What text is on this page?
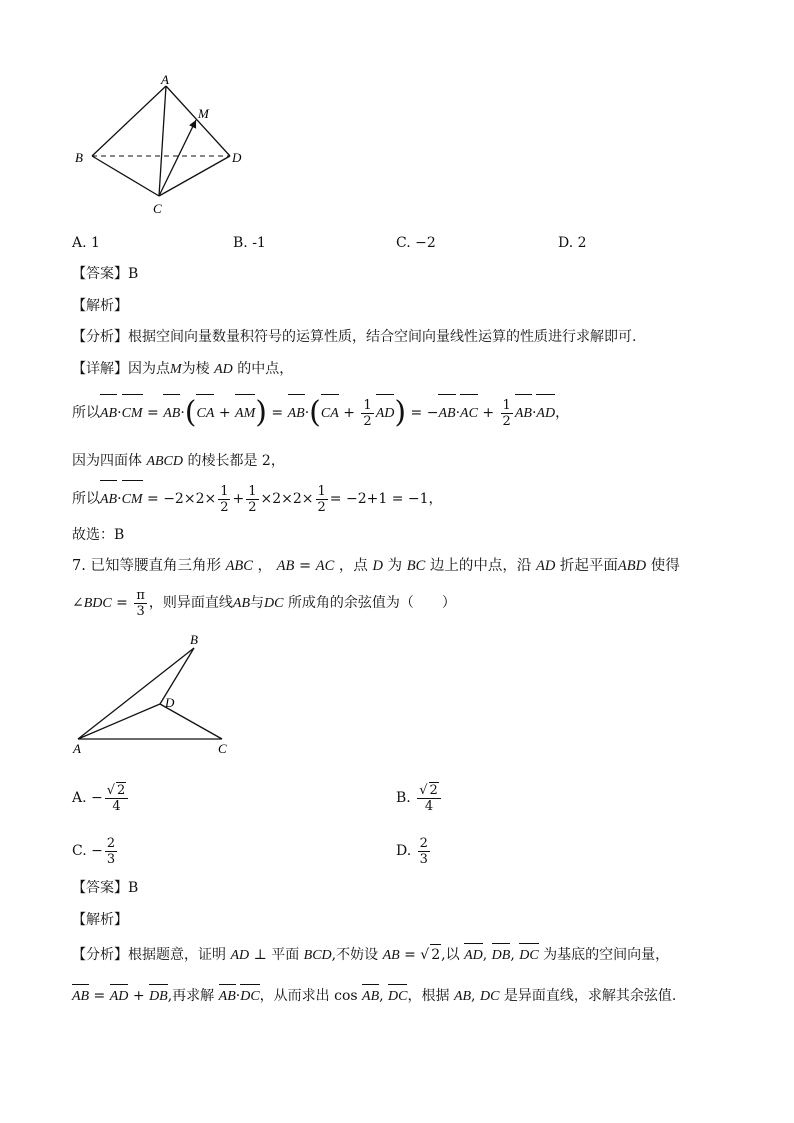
A
B
C
D
M
A. 1	B. -1	C. −2	D. 2
【答案】B
【解析】
【分析】根据空间向量数量积符号的运算性质，结合空间向量线性运算的性质进行求解即可.
【详解】因为点M为棱 AD 的中点，
所以$AB\cdot CM = AB\cdot(CA + AM) = AB\cdot(CA + \frac{1}{2} AD) = -AB\cdot AC + \frac{1}{2} AB\cdot AD$，
因为四面体 ABCD 的棱长都是 2，
所以$AB\cdot CM = -2\times 2\times \frac{1}{2} + \frac{1}{2} \times 2\times 2\times \frac{1}{2} = -2+1 = -1$，
故选：B
7. 已知等腰直角三角形 ABC ， AB = AC ，点 D 为 BC 边上的中点，沿 AD 折起平面ABD 使得
∠BDC = $\frac{\pi}{3}$ ，则异面直线AB与DC 所成角的余弦值为（　　）
B
D
A	C
A. − $\frac{√ 2}{4}$	B. $\frac{√ 2}{4}$
C. − $\frac{2}{3}$	D. $\frac{2}{3}$
【答案】B
【解析】
【分析】根据题意，证明 AD ⊥ 平面 BCD,不妨设 AB = √ 2,以 AD, DB, DC 为基底的空间向量，
AB = AD + DB,再求解 AB·DC，从而求出 cos AB, DC，根据 AB, DC 是异面直线，求解其余弦值.
